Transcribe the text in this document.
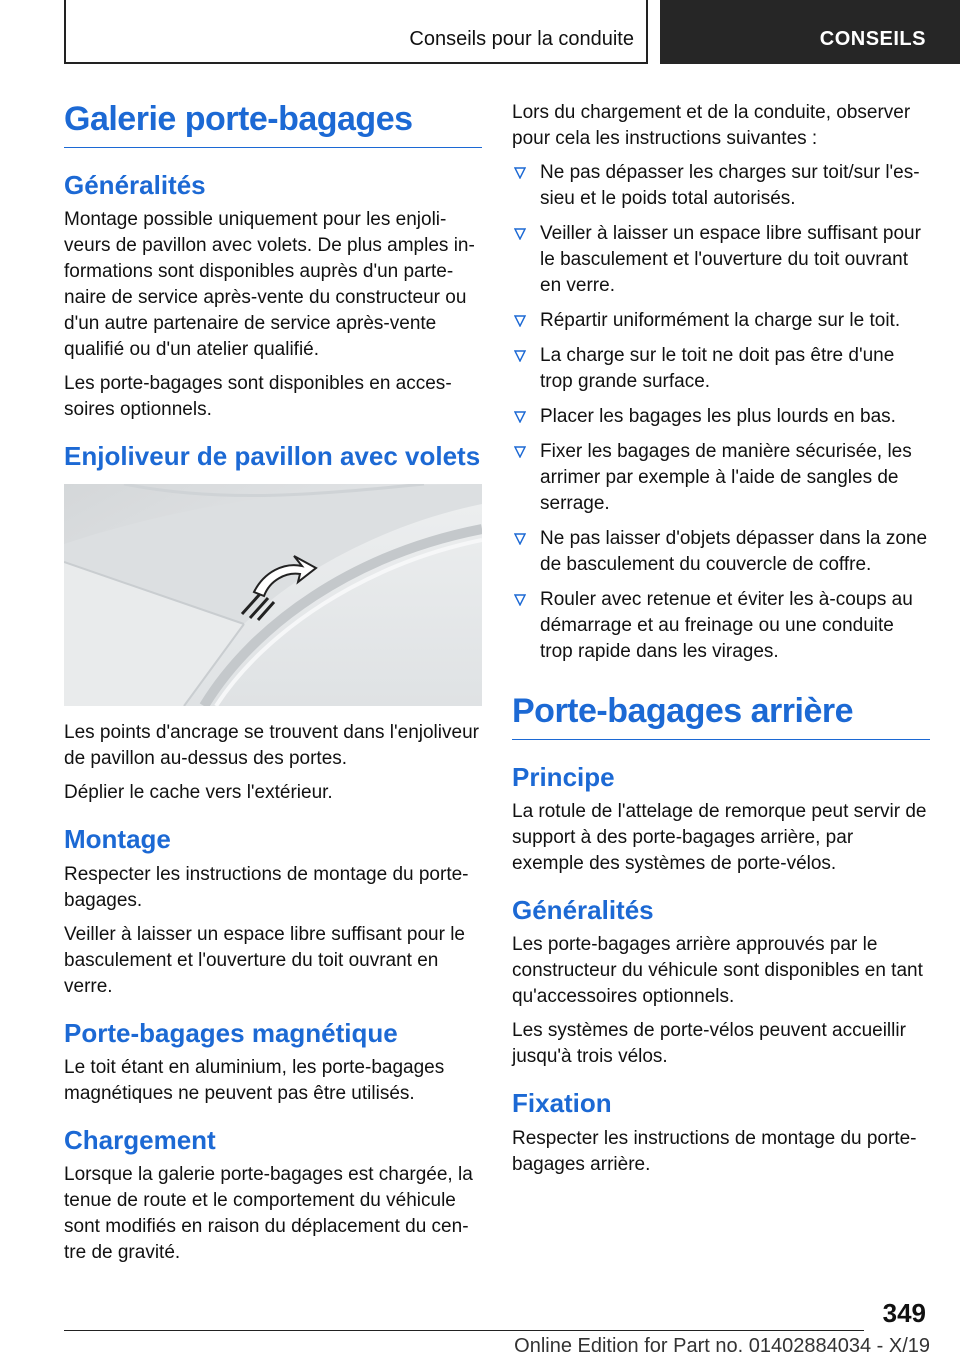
Conseils pour la conduite	CONSEILS
Galerie porte-bagages
Généralités

Montage possible uniquement pour les enjoliveurs de pavillon avec volets. De plus amples informations sont disponibles auprès d'un partenaire de service après-vente du constructeur ou d'un autre partenaire de service après-vente qualifié ou d'un atelier qualifié.

Les porte-bagages sont disponibles en accessoires optionnels.

Enjoliveur de pavillon avec volets

Les points d'ancrage se trouvent dans l'enjoliveur de pavillon au-dessus des portes.

Déplier le cache vers l'extérieur.

Montage

Respecter les instructions de montage du porte-bagages.

Veiller à laisser un espace libre suffisant pour le basculement et l'ouverture du toit ouvrant en verre.

Porte-bagages magnétique

Le toit étant en aluminium, les porte-bagages magnétiques ne peuvent pas être utilisés.

Chargement

Lorsque la galerie porte-bagages est chargée, la tenue de route et le comportement du véhicule sont modifiés en raison du déplacement du centre de gravité.

Lors du chargement et de la conduite, observer pour cela les instructions suivantes :

Ne pas dépasser les charges sur toit/sur l'essieu et le poids total autorisés.
Veiller à laisser un espace libre suffisant pour le basculement et l'ouverture du toit ouvrant en verre.
Répartir uniformément la charge sur le toit.
La charge sur le toit ne doit pas être d'une trop grande surface.
Placer les bagages les plus lourds en bas.
Fixer les bagages de manière sécurisée, les arrimer par exemple à l'aide de sangles de serrage.
Ne pas laisser d'objets dépasser dans la zone de basculement du couvercle de coffre.
Rouler avec retenue et éviter les à-coups au démarrage et au freinage ou une conduite trop rapide dans les virages.
Porte-bagages arrière
Principe

La rotule de l'attelage de remorque peut servir de support à des porte-bagages arrière, par exemple des systèmes de porte-vélos.

Généralités

Les porte-bagages arrière approuvés par le constructeur du véhicule sont disponibles en tant qu'accessoires optionnels.

Les systèmes de porte-vélos peuvent accueillir jusqu'à trois vélos.

Fixation

Respecter les instructions de montage du porte-bagages arrière.

349
Online Edition for Part no. 01402884034 - X/19
